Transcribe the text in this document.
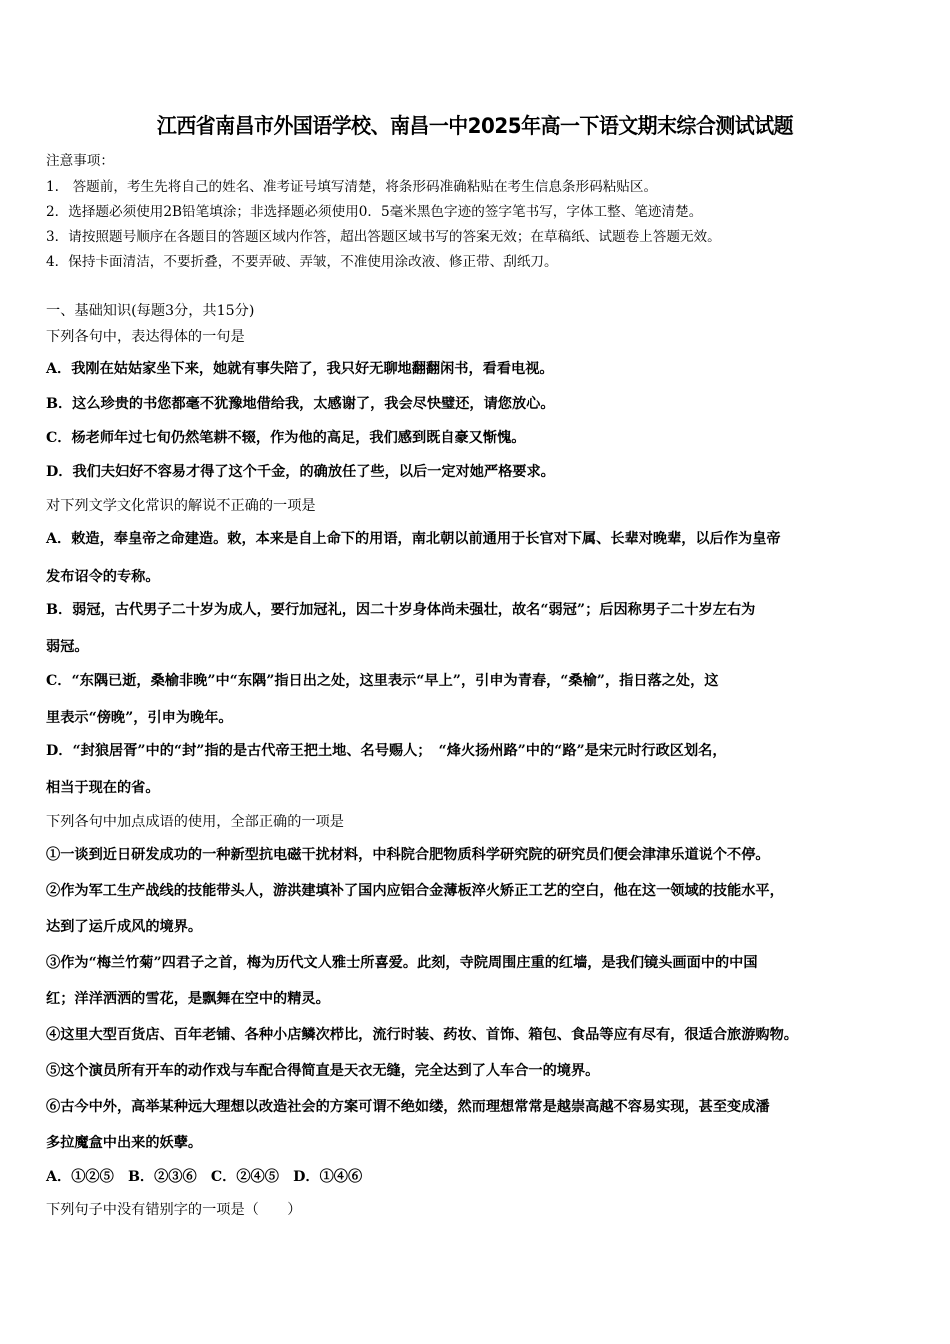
江西省南昌市外国语学校、南昌一中2025年高一下语文期末综合测试试题
注意事项：
1.　答题前，考生先将自己的姓名、准考证号填写清楚，将条形码准确粘贴在考生信息条形码粘贴区。
2．选择题必须使用2B铅笔填涂；非选择题必须使用0．5毫米黑色字迹的签字笔书写，字体工整、笔迹清楚。
3．请按照题号顺序在各题目的答题区域内作答，超出答题区域书写的答案无效；在草稿纸、试题卷上答题无效。
4．保持卡面清洁，不要折叠，不要弄破、弄皱，不准使用涂改液、修正带、刮纸刀。
一、基础知识(每题3分，共15分)
下列各句中，表达得体的一句是
A．我刚在姑姑家坐下来，她就有事失陪了，我只好无聊地翻翻闲书，看看电视。
B．这么珍贵的书您都毫不犹豫地借给我，太感谢了，我会尽快璧还，请您放心。
C．杨老师年过七旬仍然笔耕不辍，作为他的高足，我们感到既自豪又惭愧。
D．我们夫妇好不容易才得了这个千金，的确放任了些，以后一定对她严格要求。
对下列文学文化常识的解说不正确的一项是
A．敕造，奉皇帝之命建造。敕，本来是自上命下的用语，南北朝以前通用于长官对下属、长辈对晚辈，以后作为皇帝
发布诏令的专称。
B．弱冠，古代男子二十岁为成人，要行加冠礼，因二十岁身体尚未强壮，故名“弱冠”；后因称男子二十岁左右为
弱冠。
C．“东隅已逝，桑榆非晚”中“东隅”指日出之处，这里表示“早上”，引申为青春，“桑榆”，指日落之处，这
里表示“傍晚”，引申为晚年。
D．“封狼居胥”中的“封”指的是古代帝王把土地、名号赐人；　“烽火扬州路”中的“路”是宋元时行政区划名，
相当于现在的省。
下列各句中加点成语的使用，全部正确的一项是
①一谈到近日研发成功的一种新型抗电磁干扰材料，中科院合肥物质科学研究院的研究员们便会津津乐道说个不停。
②作为军工生产战线的技能带头人，游洪建填补了国内应铝合金薄板淬火矫正工艺的空白，他在这一领域的技能水平，
达到了运斤成风的境界。
③作为“梅兰竹菊”四君子之首，梅为历代文人雅士所喜爱。此刻，寺院周围庄重的红墙，是我们镜头画面中的中国
红；洋洋洒洒的雪花，是飘舞在空中的精灵。
④这里大型百货店、百年老铺、各种小店鳞次栉比，流行时装、药妆、首饰、箱包、食品等应有尽有，很适合旅游购物。
⑤这个演员所有开车的动作戏与车配合得简直是天衣无缝，完全达到了人车合一的境界。
⑥古今中外，高举某种远大理想以改造社会的方案可谓不绝如缕，然而理想常常是越崇高越不容易实现，甚至变成潘
多拉魔盒中出来的妖孽。
A．①②⑤　B．②③⑥　C．②④⑤　D．①④⑥
下列句子中没有错别字的一项是（　　）
